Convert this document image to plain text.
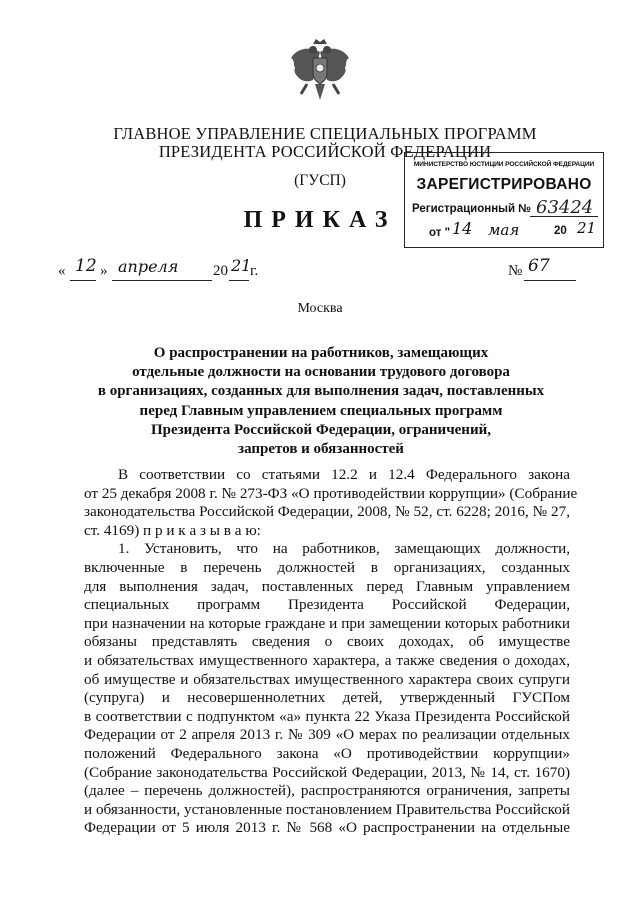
ГЛАВНОЕ УПРАВЛЕНИЕ СПЕЦИАЛЬНЫХ ПРОГРАММ
ПРЕЗИДЕНТА РОССИЙСКОЙ ФЕДЕРАЦИИ
(ГУСП)
ПРИКАЗ
МИНИСТЕРСТВО ЮСТИЦИИ РОССИЙСКОЙ ФЕДЕРАЦИИ
ЗАРЕГИСТРИРОВАНО
Регистрационный № 63424
от " 14 мая	20 21
« 12 » апреля 20 21
г.	№ 67
Москва
О распространении на работников, замещающих
отдельные должности на основании трудового договора
в организациях, созданных для выполнения задач, поставленных
перед Главным управлением специальных программ
Президента Российской Федерации, ограничений,
запретов и обязанностей
В соответствии со статьями 12.2 и 12.4 Федерального закона
от 25 декабря 2008 г. № 273-ФЗ «О противодействии коррупции» (Собрание
законодательства Российской Федерации, 2008, № 52, ст. 6228; 2016, № 27,
ст. 4169) п р и к а з ы в а ю:
1. Установить, что на работников, замещающих должности,
включенные в перечень должностей в организациях, созданных
для выполнения задач, поставленных перед Главным управлением
специальных программ Президента Российской Федерации,
при назначении на которые граждане и при замещении которых работники
обязаны представлять сведения о своих доходах, об имуществе
и обязательствах имущественного характера, а также сведения о доходах,
об имуществе и обязательствах имущественного характера своих супруги
(супруга) и несовершеннолетних детей, утвержденный ГУСПом
в соответствии с подпунктом «а» пункта 22 Указа Президента Российской
Федерации от 2 апреля 2013 г. № 309 «О мерах по реализации отдельных
положений Федерального закона «О противодействии коррупции»
(Собрание законодательства Российской Федерации, 2013, № 14, ст. 1670)
(далее – перечень должностей), распространяются ограничения, запреты
и обязанности, установленные постановлением Правительства Российской
Федерации от 5 июля 2013 г. № 568 «О распространении на отдельные
